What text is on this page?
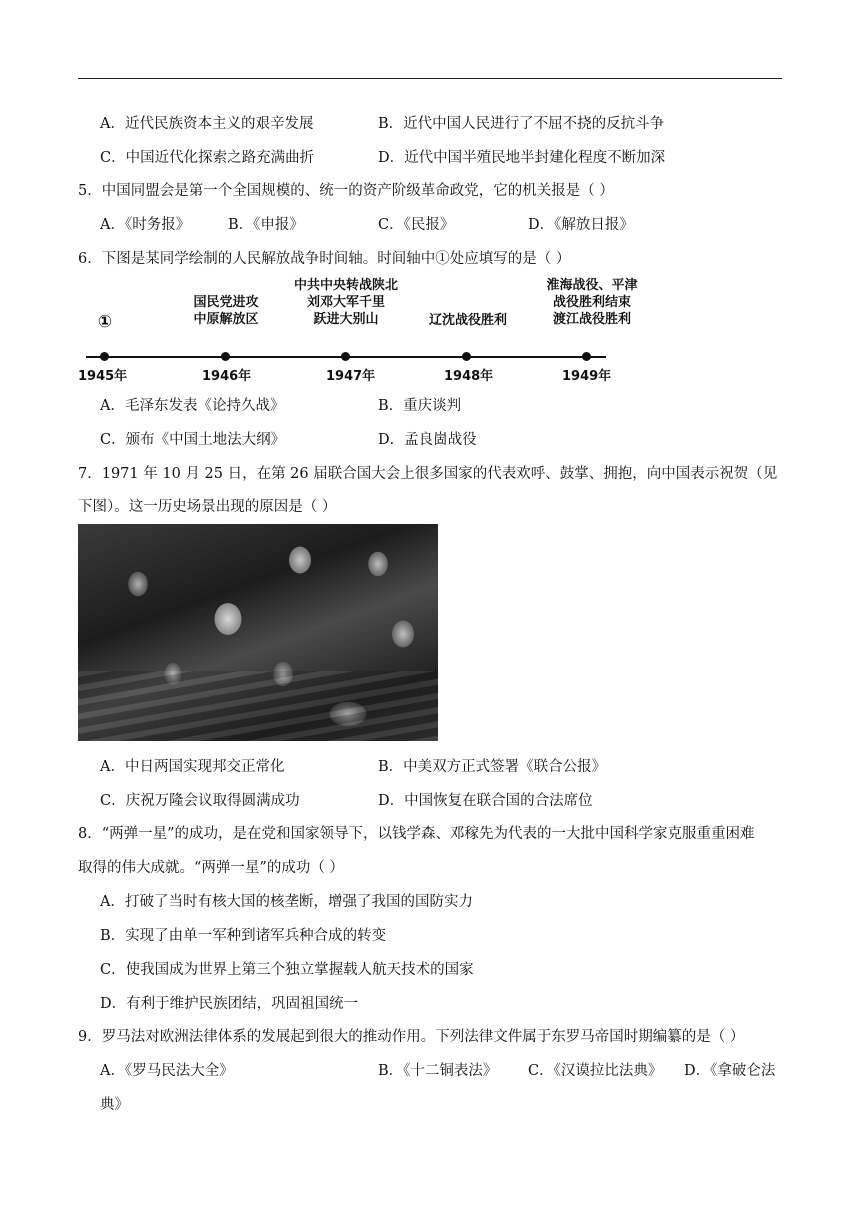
A．近代民族资本主义的艰辛发展	B．近代中国人民进行了不屈不挠的反抗斗争
C．中国近代化探索之路充满曲折	D．近代中国半殖民地半封建化程度不断加深
5．中国同盟会是第一个全国规模的、统一的资产阶级革命政党，它的机关报是（ ）
A．《时务报》	B．《申报》	C．《民报》	D．《解放日报》
6．下图是某同学绘制的人民解放战争时间轴。时间轴中①处应填写的是（ ）
1945年	1946年	1947年	1948年	1949年
①
国民党进攻
中原解放区
中共中央转战陕北
刘邓大军千里
跃进大别山	辽沈战役胜利
淮海战役、平津
战役胜利结束
渡江战役胜利
A．毛泽东发表《论持久战》	B．重庆谈判
C．颁布《中国土地法大纲》	D．孟良崮战役
7．1971 年 10 月 25 日，在第 26 届联合国大会上很多国家的代表欢呼、鼓掌、拥抱，向中国表示祝贺（见
下图）。这一历史场景出现的原因是（ ）
A．中日两国实现邦交正常化	B．中美双方正式签署《联合公报》
C．庆祝万隆会议取得圆满成功	D．中国恢复在联合国的合法席位
8．“两弹一星”的成功，是在党和国家领导下，以钱学森、邓稼先为代表的一大批中国科学家克服重重困难
取得的伟大成就。“两弹一星”的成功（ ）
A．打破了当时有核大国的核垄断，增强了我国的国防实力
B．实现了由单一军种到诸军兵种合成的转变
C．使我国成为世界上第三个独立掌握载人航天技术的国家
D．有利于维护民族团结，巩固祖国统一
9．罗马法对欧洲法律体系的发展起到很大的推动作用。下列法律文件属于东罗马帝国时期编纂的是（ ）
A．《罗马民法大全》	B．《十二铜表法》 C．《汉谟拉比法典》 D．《拿破仑法
典》
